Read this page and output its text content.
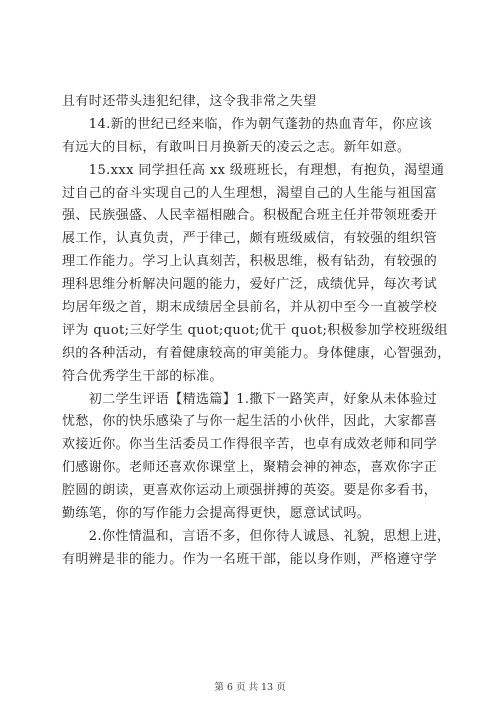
且有时还带头违犯纪律，这令我非常之失望
　　14.新的世纪已经来临，作为朝气蓬勃的热血青年，你应该
有远大的目标，有敢叫日月换新天的凌云之志。新年如意。
　　15.xxx 同学担任高 xx 级班班长，有理想，有抱负，渴望通
过自己的奋斗实现自己的人生理想，渴望自己的人生能与祖国富
强、民族强盛、人民幸福相融合。积极配合班主任并带领班委开
展工作，认真负责，严于律己，颇有班级威信，有较强的组织管
理工作能力。学习上认真刻苦，积极思维，极有钻劲，有较强的
理科思维分析解决问题的能力，爱好广泛，成绩优异，每次考试
均居年级之首，期末成绩居全县前名，并从初中至今一直被学校
评为 quot;三好学生 quot;quot;优干 quot;积极参加学校班级组
织的各种活动，有着健康较高的审美能力。身体健康，心智强劲，
符合优秀学生干部的标准。
　　初二学生评语【精选篇】1.撒下一路笑声，好象从未体验过
忧愁，你的快乐感染了与你一起生活的小伙伴，因此，大家都喜
欢接近你。你当生活委员工作得很辛苦，也卓有成效老师和同学
们感谢你。老师还喜欢你课堂上，聚精会神的神态，喜欢你字正
腔圆的朗读，更喜欢你运动上顽强拼搏的英姿。要是你多看书，
勤练笔，你的写作能力会提高得更快，愿意试试吗。
　　2.你性情温和，言语不多，但你待人诚恳、礼貌，思想上进，
有明辨是非的能力。作为一名班干部，能以身作则，严格遵守学
第 6 页 共 13 页
